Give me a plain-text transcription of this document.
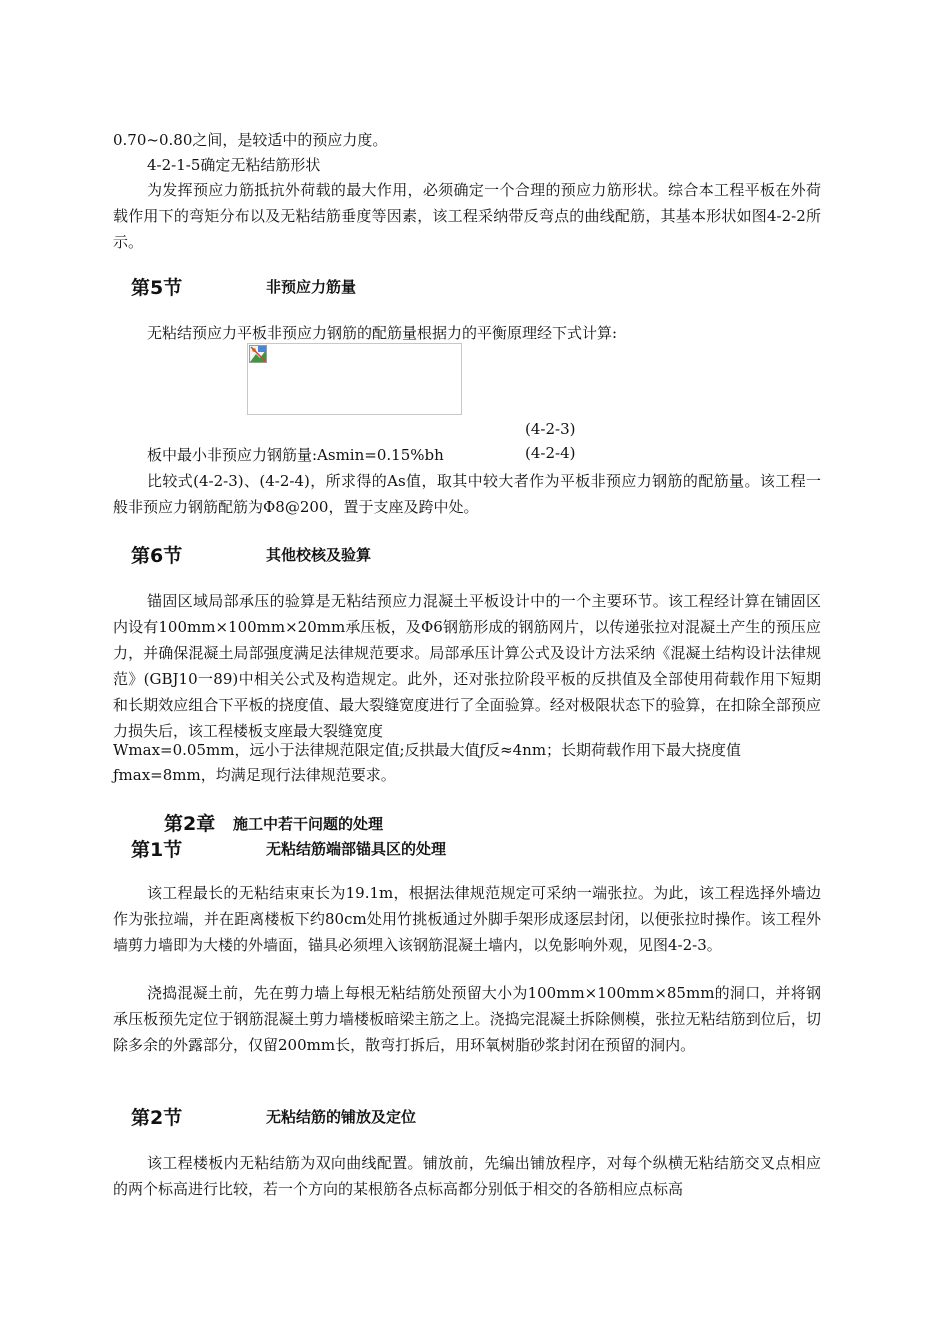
0.70~0.80之间，是较适中的预应力度。

4-2-1-5确定无粘结筋形状

为发挥预应力筋抵抗外荷载的最大作用，必须确定一个合理的预应力筋形状。综合本工程平板在外荷载作用下的弯矩分布以及无粘结筋垂度等因素，该工程采纳带反弯点的曲线配筋，其基本形状如图4-2-2所示。

第5节	非预应力筋量

无粘结预应力平板非预应力钢筋的配筋量根据力的平衡原理经下式计算:

(4-2-3)
板中最小非预应力钢筋量:Asmin=0.15%bh	(4-2-4)

比较式(4-2-3)、(4-2-4)，所求得的As值，取其中较大者作为平板非预应力钢筋的配筋量。该工程一般非预应力钢筋配筋为Φ8@200，置于支座及跨中处。

第6节	其他校核及验算

锚固区域局部承压的验算是无粘结预应力混凝土平板设计中的一个主要环节。该工程经计算在铺固区内设有100mm×100mm×20mm承压板，及Φ6钢筋形成的钢筋网片，以传递张拉对混凝土产生的预压应力，并确保混凝土局部强度满足法律规范要求。局部承压计算公式及设计方法采纳《混凝土结构设计法律规范》(GBJ10一89)中相关公式及构造规定。此外，还对张拉阶段平板的反拱值及全部使用荷载作用下短期和长期效应组合下平板的挠度值、最大裂缝宽度进行了全面验算。经对极限状态下的验算，在扣除全部预应力损失后，该工程楼板支座最大裂缝宽度

Wmax=0.05mm，远小于法律规范限定值;反拱最大值ƒ反≈4nm；长期荷载作用下最大挠度值

ƒmax=8mm，均满足现行法律规范要求。

第2章 施工中若干问题的处理
第1节	无粘结筋端部锚具区的处理

该工程最长的无粘结束束长为19.1m，根据法律规范规定可采纳一端张拉。为此，该工程选择外墙边作为张拉端，并在距离楼板下约80cm处用竹挑板通过外脚手架形成逐层封闭，以便张拉时操作。该工程外墙剪力墙即为大楼的外墙面，锚具必须埋入该钢筋混凝土墙内，以免影响外观，见图4-2-3。

浇捣混凝土前，先在剪力墙上每根无粘结筋处预留大小为100mm×100mm×85mm的洞口，并将钢承压板预先定位于钢筋混凝土剪力墙楼板暗梁主筋之上。浇捣完混凝土拆除侧模，张拉无粘结筋到位后，切除多余的外露部分，仅留200mm长，散弯打拆后，用环氧树脂砂浆封闭在预留的洞内。

第2节	无粘结筋的铺放及定位

该工程楼板内无粘结筋为双向曲线配置。铺放前，先编出铺放程序，对每个纵横无粘结筋交叉点相应的两个标高进行比较，若一个方向的某根筋各点标高都分别低于相交的各筋相应点标高
